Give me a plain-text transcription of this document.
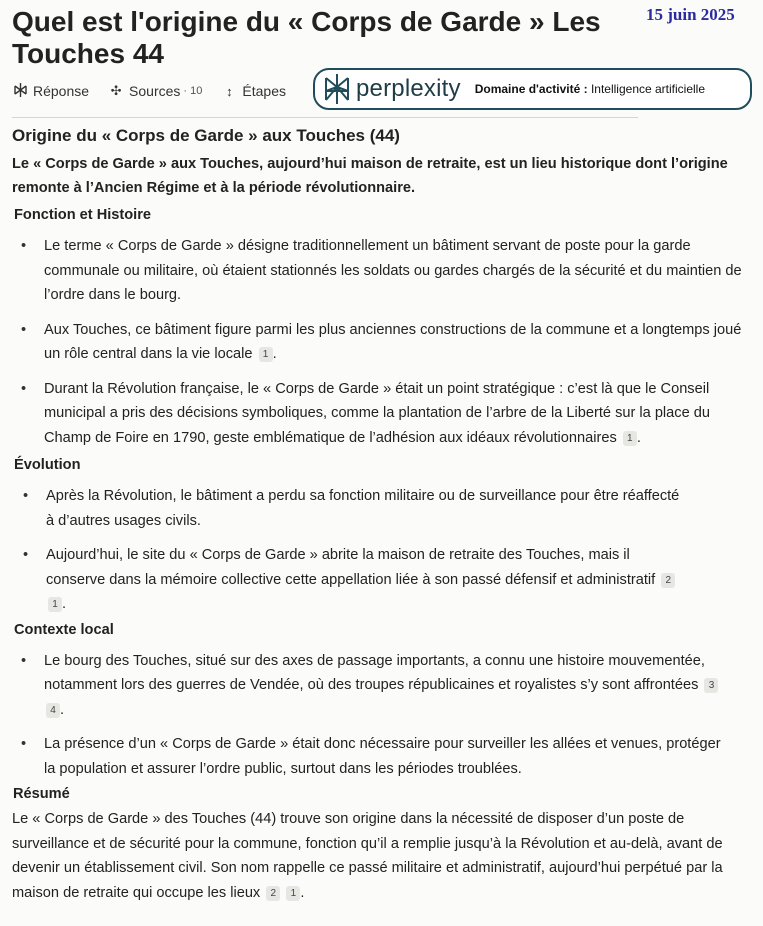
Quel est l'origine du « Corps de Garde » Les Touches 44
15 juin 2025
Réponse ✣ Sources · 10 ↕ Étapes	perplexity Domaine d'activité : Intelligence artificielle
Origine du « Corps de Garde » aux Touches (44)

Le « Corps de Garde » aux Touches, aujourd’hui maison de retraite, est un lieu historique dont l’origine remonte à l’Ancien Régime et à la période révolutionnaire.

Fonction et Histoire
• Le terme « Corps de Garde » désigne traditionnellement un bâtiment servant de poste pour la garde communale ou militaire, où étaient stationnés les soldats ou gardes chargés de la sécurité et du maintien de l’ordre dans le bourg.
• Aux Touches, ce bâtiment figure parmi les plus anciennes constructions de la commune et a longtemps joué un rôle central dans la vie locale 1 .
• Durant la Révolution française, le « Corps de Garde » était un point stratégique : c’est là que le Conseil municipal a pris des décisions symboliques, comme la plantation de l’arbre de la Liberté sur la place du Champ de Foire en 1790, geste emblématique de l’adhésion aux idéaux révolutionnaires 1 .
Évolution
• Après la Révolution, le bâtiment a perdu sa fonction militaire ou de surveillance pour être réaffecté à d’autres usages civils.
• Aujourd’hui, le site du « Corps de Garde » abrite la maison de retraite des Touches, mais il conserve dans la mémoire collective cette appellation liée à son passé défensif et administratif 2 1 .
Contexte local
• Le bourg des Touches, situé sur des axes de passage importants, a connu une histoire mouvementée, notamment lors des guerres de Vendée, où des troupes républicaines et royalistes s’y sont affrontées 3 4 .
• La présence d’un « Corps de Garde » était donc nécessaire pour surveiller les allées et venues, protéger la population et assurer l’ordre public, surtout dans les périodes troublées.
Résumé

Le « Corps de Garde » des Touches (44) trouve son origine dans la nécessité de disposer d’un poste de surveillance et de sécurité pour la commune, fonction qu’il a remplie jusqu’à la Révolution et au-delà, avant de devenir un établissement civil. Son nom rappelle ce passé militaire et administratif, aujourd’hui perpétué par la maison de retraite qui occupe les lieux 2 1 .
